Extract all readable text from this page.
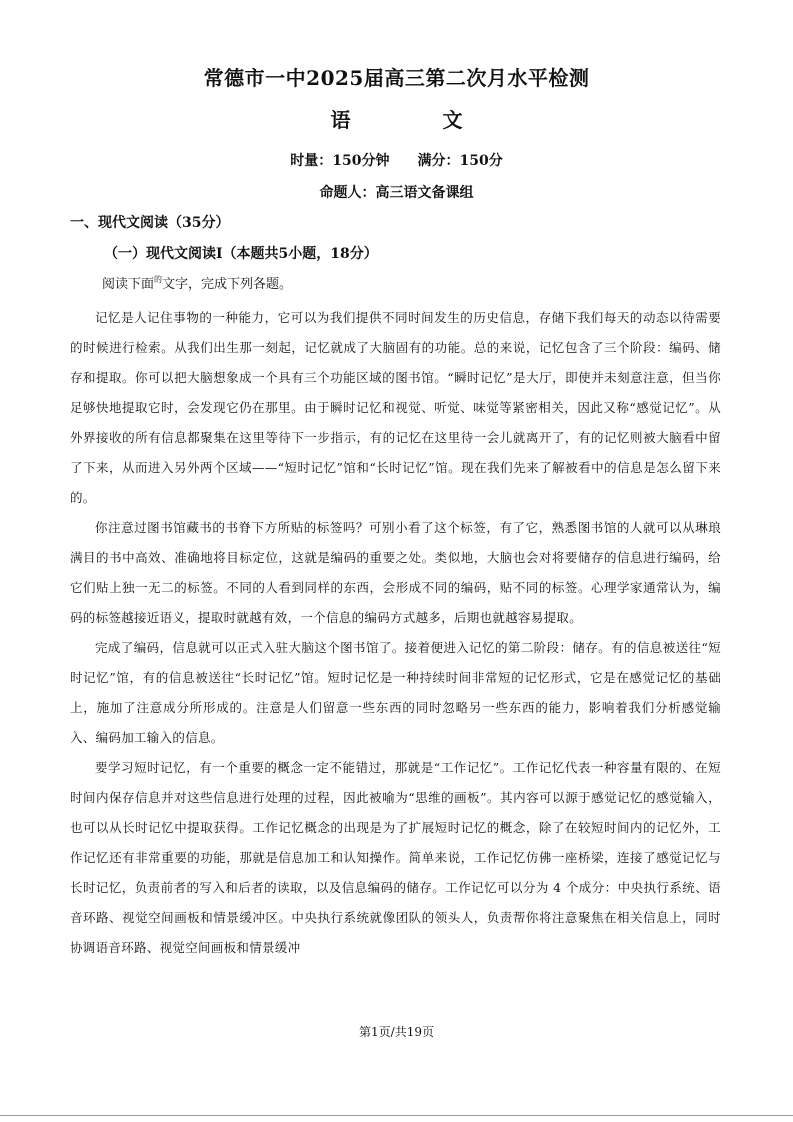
常德市一中2025届高三第二次月水平检测
语	文
时量：150分钟 满分：150分
命题人：高三语文备课组
一、现代文阅读（35分）
（一）现代文阅读Ⅰ（本题共5小题，18分）
阅读下面$^的$文字，完成下列各题。

记忆是人记住事物的一种能力，它可以为我们提供不同时间发生的历史信息，存储下我们每天的动态以待需要的时候进行检索。从我们出生那一刻起，记忆就成了大脑固有的功能。总的来说，记忆包含了三个阶段：编码、储存和提取。你可以把大脑想象成一个具有三个功能区域的图书馆。“瞬时记忆”是大厅，即使并未刻意注意，但当你足够快地提取它时，会发现它仍在那里。由于瞬时记忆和视觉、听觉、味觉等紧密相关，因此又称“感觉记忆”。从外界接收的所有信息都聚集在这里等待下一步指示，有的记忆在这里待一会儿就离开了，有的记忆则被大脑看中留了下来，从而进入另外两个区域——“短时记忆”馆和“长时记忆”馆。现在我们先来了解被看中的信息是怎么留下来的。

你注意过图书馆藏书的书脊下方所贴的标签吗？可别小看了这个标签，有了它，熟悉图书馆的人就可以从琳琅满目的书中高效、准确地将目标定位，这就是编码的重要之处。类似地，大脑也会对将要储存的信息进行编码，给它们贴上独一无二的标签。不同的人看到同样的东西，会形成不同的编码，贴不同的标签。心理学家通常认为，编码的标签越接近语义，提取时就越有效，一个信息的编码方式越多，后期也就越容易提取。

完成了编码，信息就可以正式入驻大脑这个图书馆了。接着便进入记忆的第二阶段：储存。有的信息被送往“短时记忆”馆，有的信息被送往“长时记忆”馆。短时记忆是一种持续时间非常短的记忆形式，它是在感觉记忆的基础上，施加了注意成分所形成的。注意是人们留意一些东西的同时忽略另一些东西的能力，影响着我们分析感觉输入、编码加工输入的信息。

要学习短时记忆，有一个重要的概念一定不能错过，那就是“工作记忆”。工作记忆代表一种容量有限的、在短时间内保存信息并对这些信息进行处理的过程，因此被喻为“思维的画板”。其内容可以源于感觉记忆的感觉输入，也可以从长时记忆中提取获得。工作记忆概念的出现是为了扩展短时记忆的概念，除了在较短时间内的记忆外，工作记忆还有非常重要的功能，那就是信息加工和认知操作。简单来说，工作记忆仿佛一座桥梁，连接了感觉记忆与长时记忆，负责前者的写入和后者的读取，以及信息编码的储存。工作记忆可以分为 4 个成分：中央执行系统、语音环路、视觉空间画板和情景缓冲区。中央执行系统就像团队的领头人，负责帮你将注意聚焦在相关信息上，同时协调语音环路、视觉空间画板和情景缓冲

第1页/共19页
